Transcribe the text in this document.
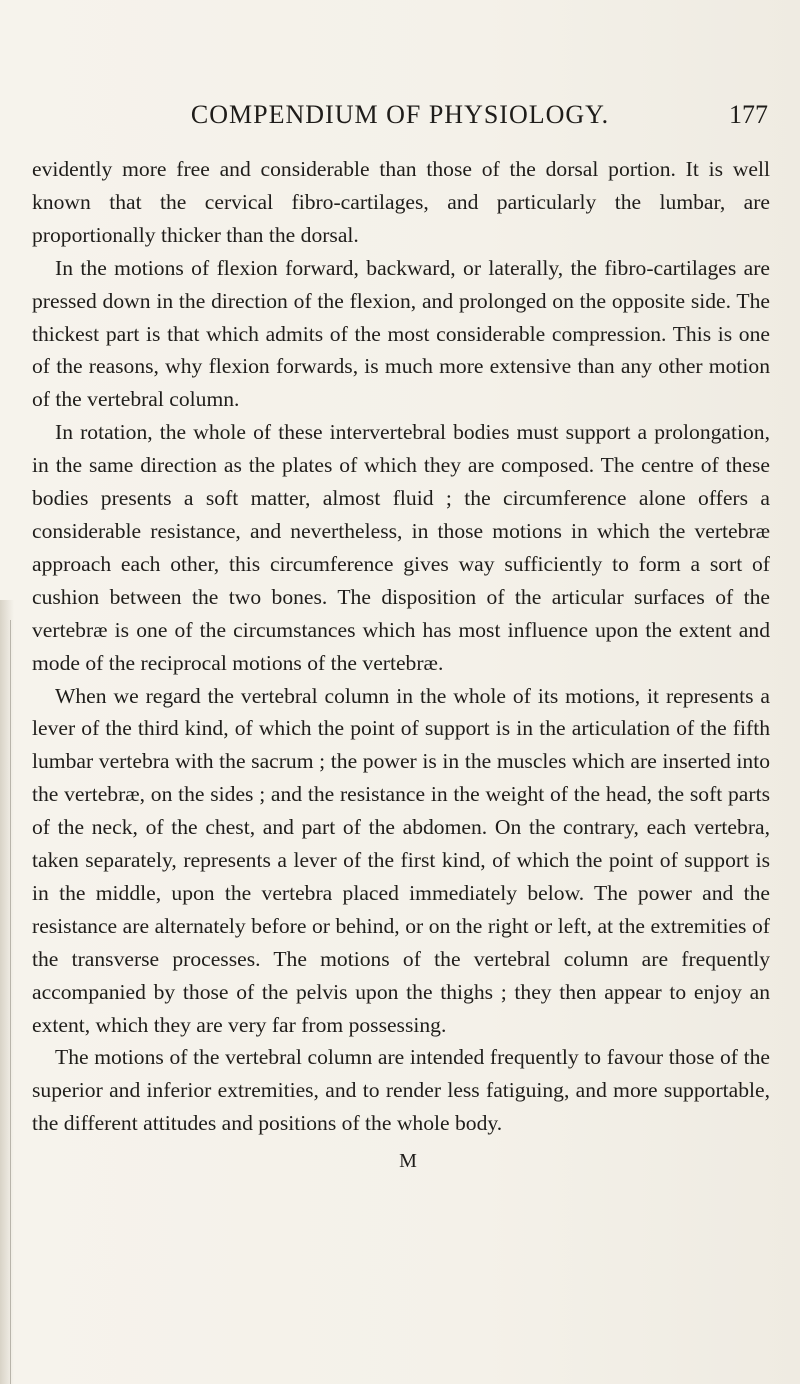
COMPENDIUM OF PHYSIOLOGY.	177

evidently more free and considerable than those of the dorsal portion. It is well known that the cervical fibro-cartilages, and particularly the lumbar, are proportionally thicker than the dorsal.

In the motions of flexion forward, backward, or laterally, the fibro-cartilages are pressed down in the direction of the flexion, and prolonged on the opposite side. The thickest part is that which admits of the most considerable compression. This is one of the reasons, why flexion forwards, is much more extensive than any other motion of the vertebral column.

In rotation, the whole of these intervertebral bodies must support a prolongation, in the same direction as the plates of which they are composed. The centre of these bodies presents a soft matter, almost fluid ; the circumference alone offers a considerable resistance, and nevertheless, in those motions in which the vertebræ approach each other, this circumference gives way sufficiently to form a sort of cushion between the two bones. The disposition of the articular surfaces of the vertebræ is one of the circumstances which has most influence upon the extent and mode of the reciprocal motions of the vertebræ.

When we regard the vertebral column in the whole of its motions, it represents a lever of the third kind, of which the point of support is in the articulation of the fifth lumbar vertebra with the sacrum ; the power is in the muscles which are inserted into the vertebræ, on the sides ; and the resistance in the weight of the head, the soft parts of the neck, of the chest, and part of the abdomen. On the contrary, each vertebra, taken separately, represents a lever of the first kind, of which the point of support is in the middle, upon the vertebra placed immediately below. The power and the resistance are alternately before or behind, or on the right or left, at the extremities of the transverse processes. The motions of the vertebral column are frequently accompanied by those of the pelvis upon the thighs ; they then appear to enjoy an extent, which they are very far from possessing.

The motions of the vertebral column are intended frequently to favour those of the superior and inferior extremities, and to render less fatiguing, and more supportable, the different attitudes and positions of the whole body.

M
